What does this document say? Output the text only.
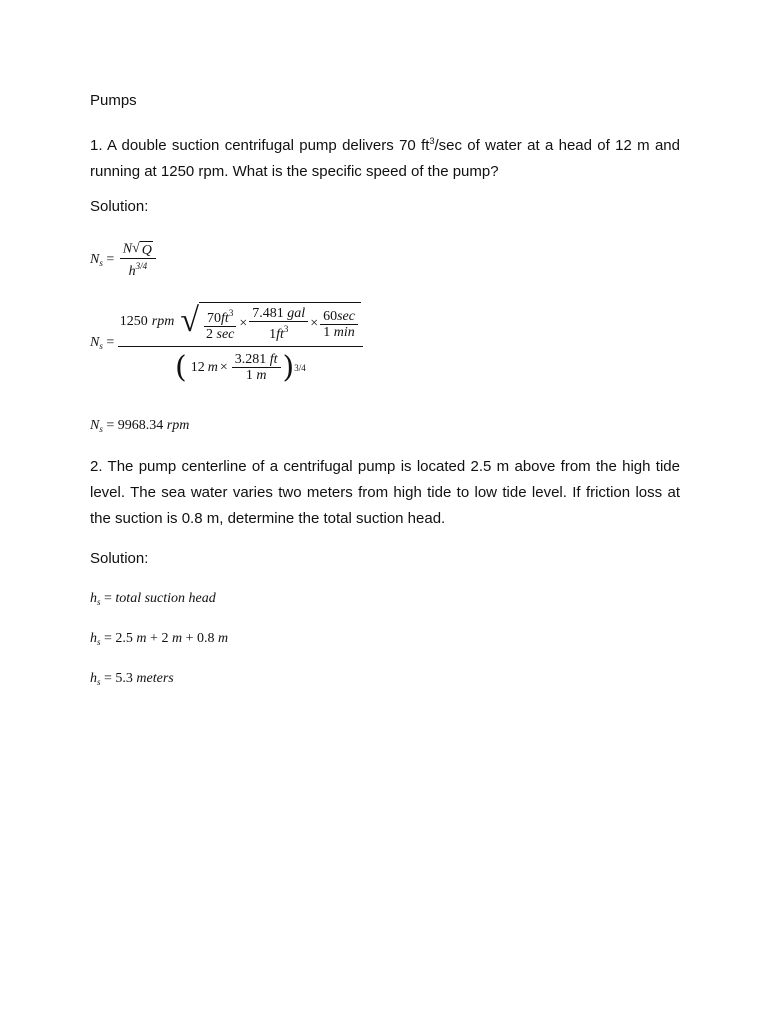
Pumps
1. A double suction centrifugal pump delivers 70 $ft^3/\sec$ of water at a head of 12 m and running at 1250 rpm. What is the specific speed of the pump?
Solution:
$N_s = \frac{N √ Q}{h^{3/4}}$
$N_s$ =
1250 rpm √ $\frac{70ft^3}{2 \sec} \times \frac{\text{7.481 gal}}{1ft^3} \times \frac{60\sec}{1 \min}$
( 12 $m \times \frac{3.281 ft}{1 m}$ ) 3/4
$N_s = 9968.34$ rpm
2. The pump centerline of a centrifugal pump is located 2.5 m above from the high tide level. The sea water varies two meters from high tide to low tide level. If friction loss at the suction is 0.8 m, determine the total suction head.
Solution:
$h_s$ = total suction head
$h_s = 2.5$ m + 2 m + 0.8 m
$h_s = 5.3$ meters
